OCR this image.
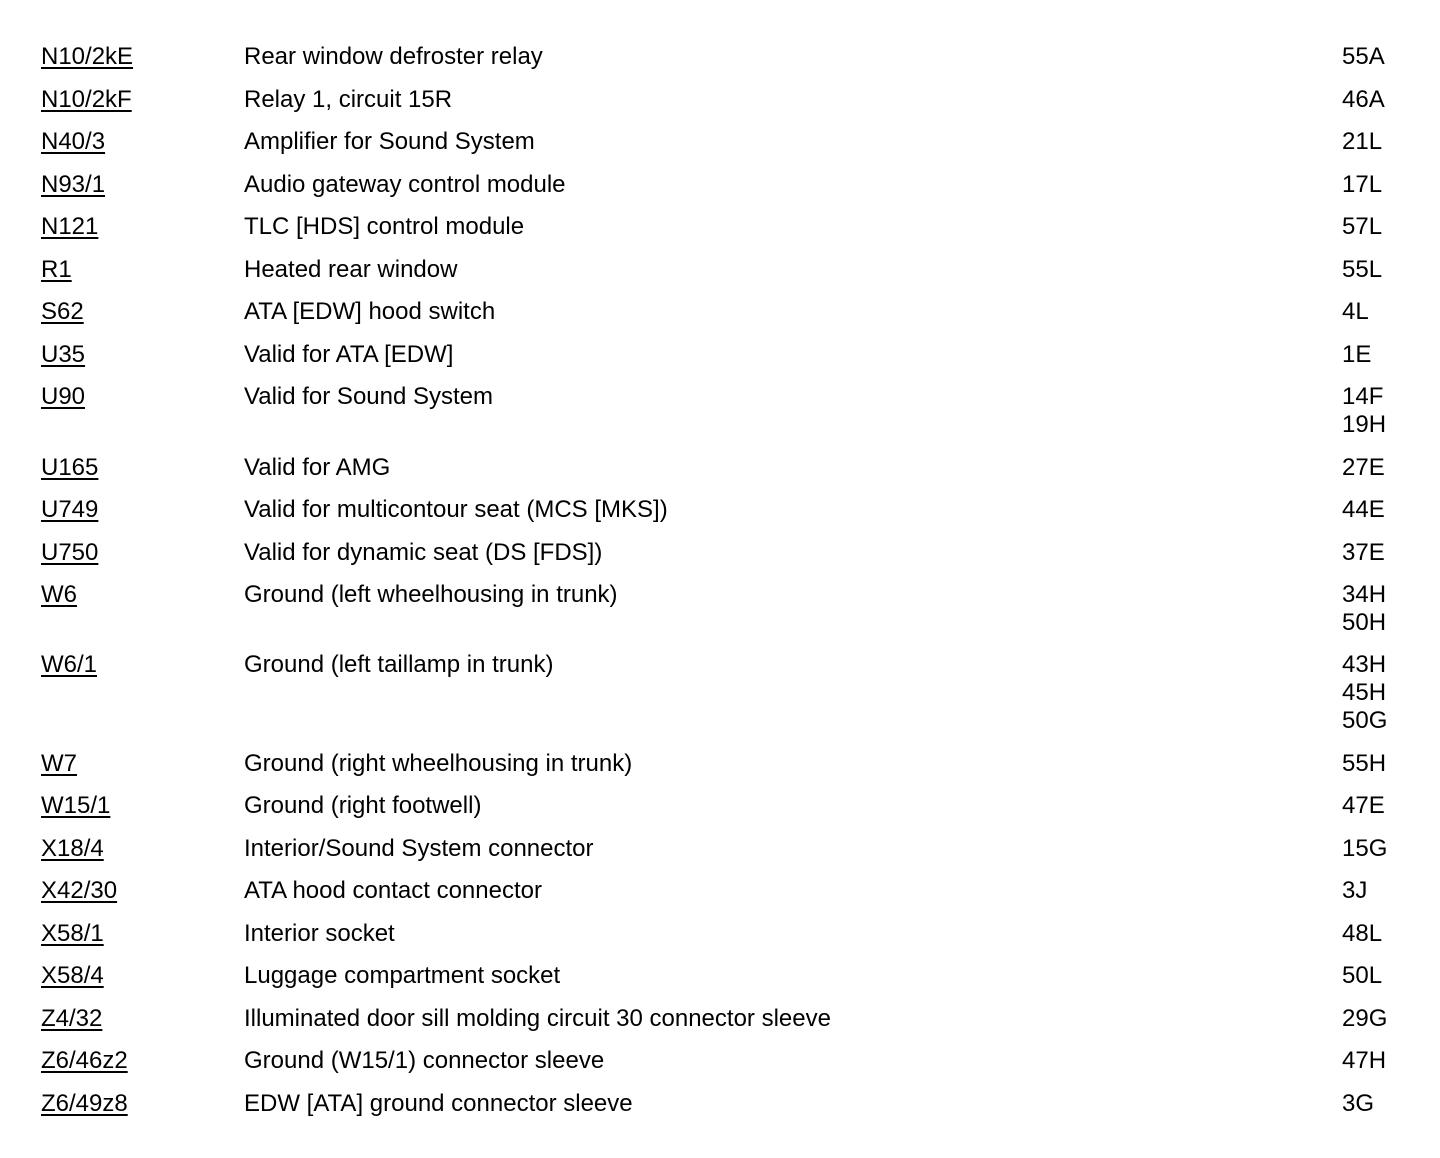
N10/2kE	Rear window defroster relay	55A
N10/2kF	Relay 1, circuit 15R	46A
N40/3	Amplifier for Sound System	21L
N93/1	Audio gateway control module	17L
N121	TLC [HDS] control module	57L
R1	Heated rear window	55L
S62	ATA [EDW] hood switch	4L
U35	Valid for ATA [EDW]	1E
U90	Valid for Sound System	14F
19H
U165	Valid for AMG	27E
U749	Valid for multicontour seat (MCS [MKS])	44E
U750	Valid for dynamic seat (DS [FDS])	37E
W6	Ground (left wheelhousing in trunk)	34H
50H
W6/1	Ground (left taillamp in trunk)	43H
45H
50G
W7	Ground (right wheelhousing in trunk)	55H
W15/1	Ground (right footwell)	47E
X18/4	Interior/Sound System connector	15G
X42/30	ATA hood contact connector	3J
X58/1	Interior socket	48L
X58/4	Luggage compartment socket	50L
Z4/32	Illuminated door sill molding circuit 30 connector sleeve	29G
Z6/46z2	Ground (W15/1) connector sleeve	47H
Z6/49z8	EDW [ATA] ground connector sleeve	3G
